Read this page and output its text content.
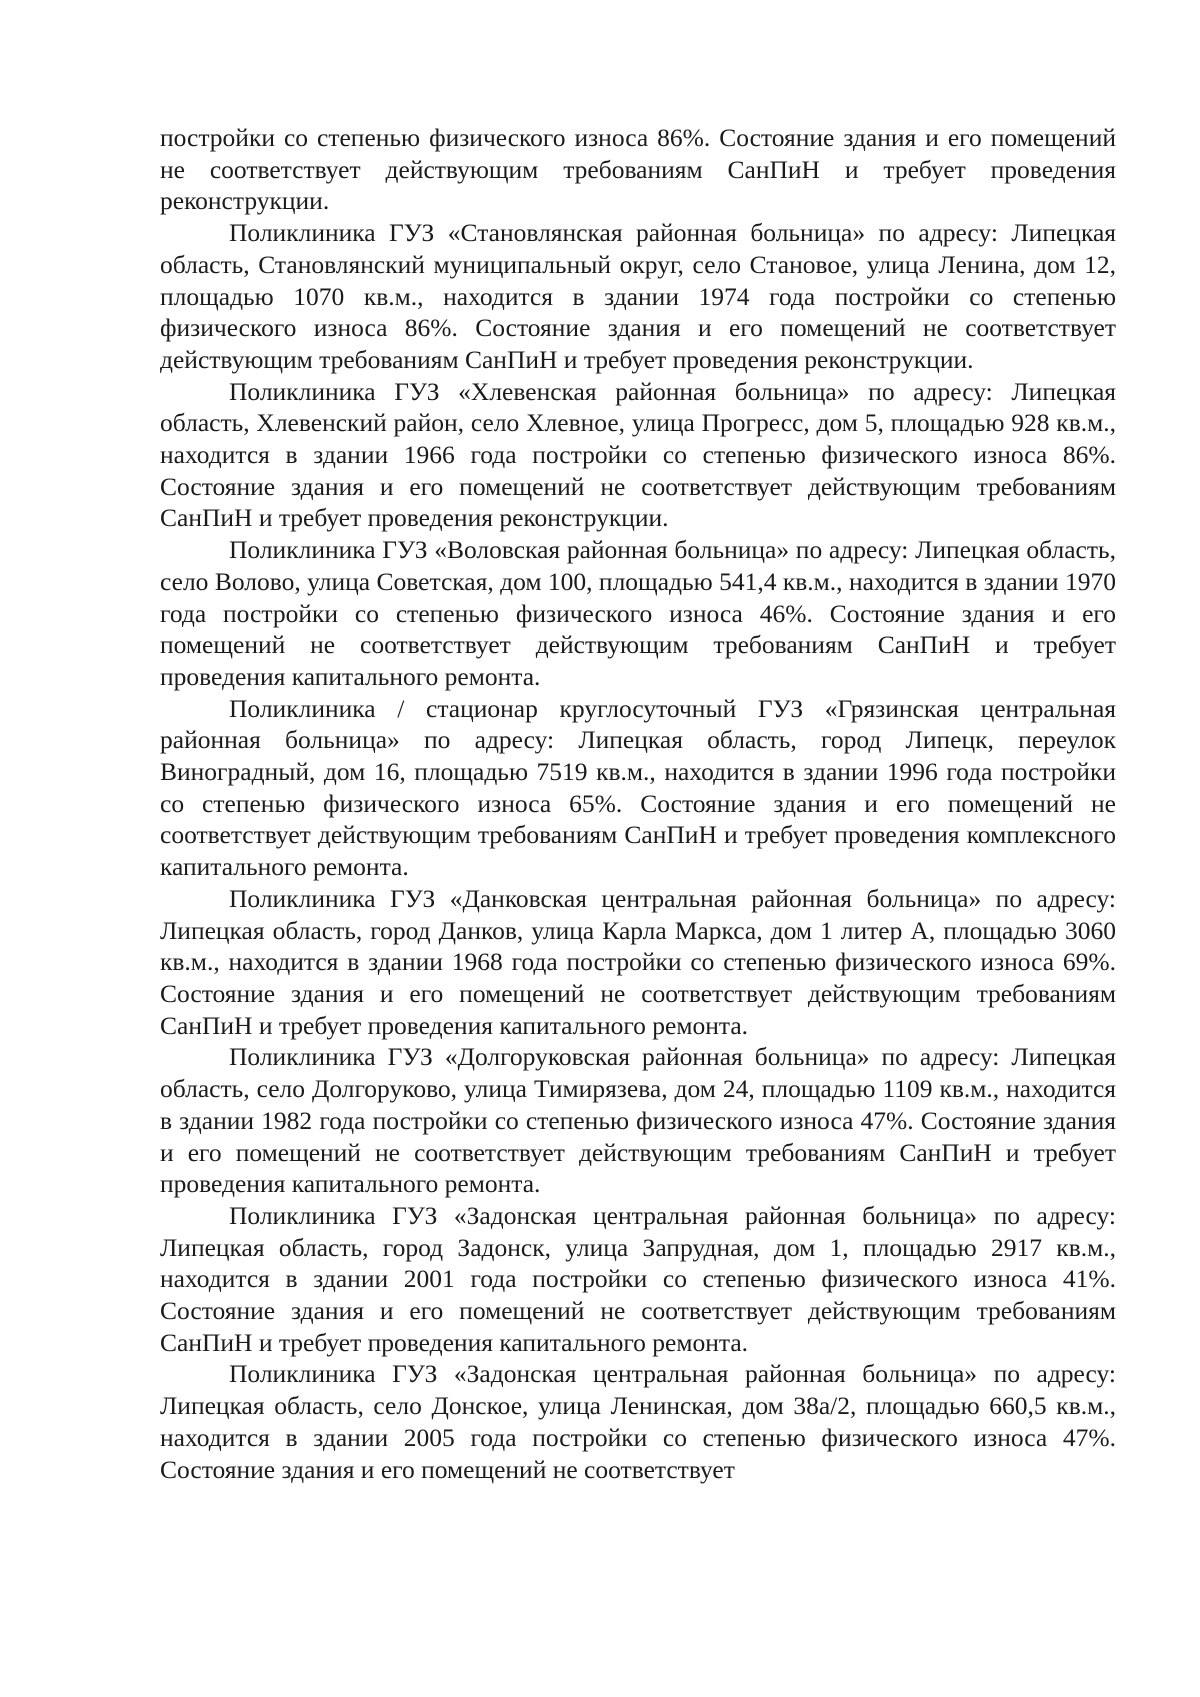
постройки со степенью физического износа 86%. Состояние здания и его помещений не соответствует действующим требованиям СанПиН и требует проведения реконструкции.

Поликлиника ГУЗ «Становлянская районная больница» по адресу: Липецкая область, Становлянский муниципальный округ, село Становое, улица Ленина, дом 12, площадью 1070 кв.м., находится в здании 1974 года постройки со степенью физического износа 86%. Состояние здания и его помещений не соответствует действующим требованиям СанПиН и требует проведения реконструкции.

Поликлиника ГУЗ «Хлевенская районная больница» по адресу: Липецкая область, Хлевенский район, село Хлевное, улица Прогресс, дом 5, площадью 928 кв.м., находится в здании 1966 года постройки со степенью физического износа 86%. Состояние здания и его помещений не соответствует действующим требованиям СанПиН и требует проведения реконструкции.

Поликлиника ГУЗ «Воловская районная больница» по адресу: Липецкая область, село Волово, улица Советская, дом 100, площадью 541,4 кв.м., находится в здании 1970 года постройки со степенью физического износа 46%. Состояние здания и его помещений не соответствует действующим требованиям СанПиН и требует проведения капитального ремонта.

Поликлиника / стационар круглосуточный ГУЗ «Грязинская центральная районная больница» по адресу: Липецкая область, город Липецк, переулок Виноградный, дом 16, площадью 7519 кв.м., находится в здании 1996 года постройки со степенью физического износа 65%. Состояние здания и его помещений не соответствует действующим требованиям СанПиН и требует проведения комплексного капитального ремонта.

Поликлиника ГУЗ «Данковская центральная районная больница» по адресу: Липецкая область, город Данков, улица Карла Маркса, дом 1 литер А, площадью 3060 кв.м., находится в здании 1968 года постройки со степенью физического износа 69%. Состояние здания и его помещений не соответствует действующим требованиям СанПиН и требует проведения капитального ремонта.

Поликлиника ГУЗ «Долгоруковская районная больница» по адресу: Липецкая область, село Долгоруково, улица Тимирязева, дом 24, площадью 1109 кв.м., находится в здании 1982 года постройки со степенью физического износа 47%. Состояние здания и его помещений не соответствует действующим требованиям СанПиН и требует проведения капитального ремонта.

Поликлиника ГУЗ «Задонская центральная районная больница» по адресу: Липецкая область, город Задонск, улица Запрудная, дом 1, площадью 2917 кв.м., находится в здании 2001 года постройки со степенью физического износа 41%. Состояние здания и его помещений не соответствует действующим требованиям СанПиН и требует проведения капитального ремонта.

Поликлиника ГУЗ «Задонская центральная районная больница» по адресу: Липецкая область, село Донское, улица Ленинская, дом 38а/2, площадью 660,5 кв.м., находится в здании 2005 года постройки со степенью физического износа 47%. Состояние здания и его помещений не соответствует
